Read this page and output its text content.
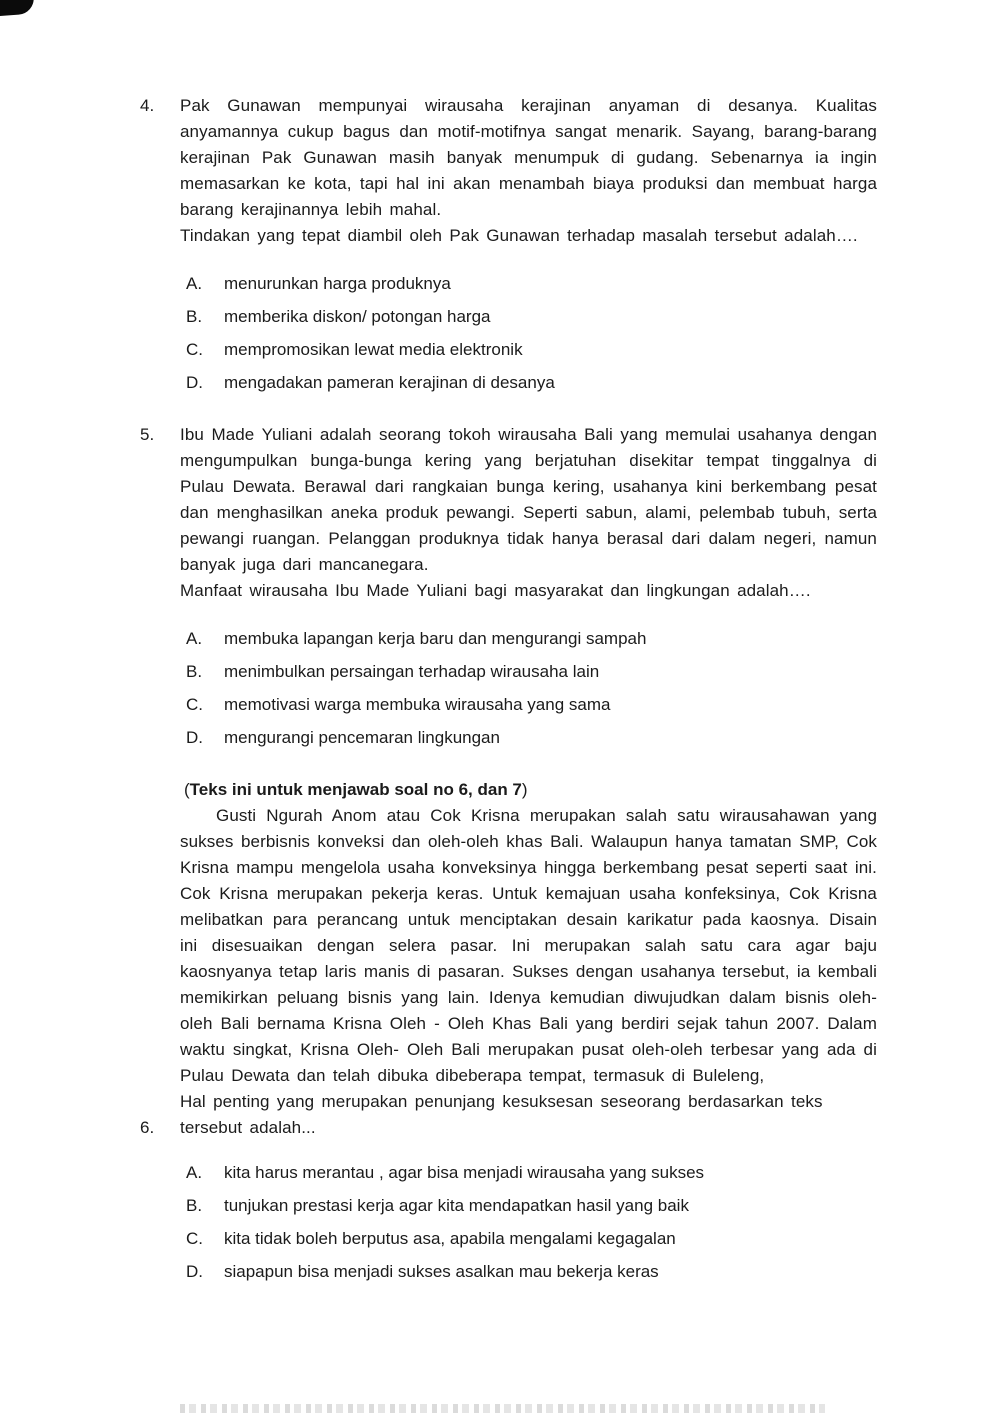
4.	Pak Gunawan mempunyai wirausaha kerajinan anyaman di desanya. Kualitas anyamannya cukup bagus dan motif-motifnya sangat menarik. Sayang, barang-barang kerajinan Pak Gunawan masih banyak menumpuk di gudang. Sebenarnya ia ingin memasarkan ke kota, tapi hal ini akan menambah biaya produksi dan membuat harga barang kerajinannya lebih mahal.

Tindakan yang tepat diambil oleh Pak Gunawan terhadap masalah tersebut adalah….

A.	menurunkan harga produknya
B.	memberika diskon/ potongan harga
C.	mempromosikan lewat media elektronik
D.	mengadakan pameran kerajinan di desanya
5.	Ibu Made Yuliani adalah seorang tokoh wirausaha Bali yang memulai usahanya dengan mengumpulkan bunga-bunga kering yang berjatuhan disekitar tempat tinggalnya di Pulau Dewata. Berawal dari rangkaian bunga kering, usahanya kini berkembang pesat dan menghasilkan aneka produk pewangi. Seperti sabun, alami, pelembab tubuh, serta pewangi ruangan. Pelanggan produknya tidak hanya berasal dari dalam negeri, namun banyak juga dari mancanegara.

Manfaat wirausaha Ibu Made Yuliani bagi masyarakat dan lingkungan adalah….

A.	membuka lapangan kerja baru dan mengurangi sampah
B.	menimbulkan persaingan terhadap wirausaha lain
C.	memotivasi warga membuka wirausaha yang sama
D.	mengurangi pencemaran lingkungan

(Teks ini untuk menjawab soal no 6, dan 7)

Gusti Ngurah Anom atau Cok Krisna merupakan salah satu wirausahawan yang sukses berbisnis konveksi dan oleh-oleh khas Bali. Walaupun hanya tamatan SMP, Cok Krisna mampu mengelola usaha konveksinya hingga berkembang pesat seperti saat ini. Cok Krisna merupakan pekerja keras. Untuk kemajuan usaha konfeksinya, Cok Krisna melibatkan para perancang untuk menciptakan desain karikatur pada kaosnya. Disain ini disesuaikan dengan selera pasar. Ini merupakan salah satu cara agar baju kaosnyanya tetap laris manis di pasaran. Sukses dengan usahanya tersebut, ia kembali memikirkan peluang bisnis yang lain. Idenya kemudian diwujudkan dalam bisnis oleh-oleh Bali bernama Krisna Oleh - Oleh Khas Bali yang berdiri sejak tahun 2007. Dalam waktu singkat, Krisna Oleh- Oleh Bali merupakan pusat oleh-oleh terbesar yang ada di Pulau Dewata dan telah dibuka dibeberapa tempat, termasuk di Buleleng,

Hal penting yang merupakan penunjang kesuksesan seseorang berdasarkan teks

6.	tersebut adalah...

A.	kita harus merantau , agar bisa menjadi wirausaha yang sukses
B.	tunjukan prestasi kerja agar kita mendapatkan hasil yang baik
C.	kita tidak boleh berputus asa, apabila mengalami kegagalan
D.	siapapun bisa menjadi sukses asalkan mau bekerja keras
